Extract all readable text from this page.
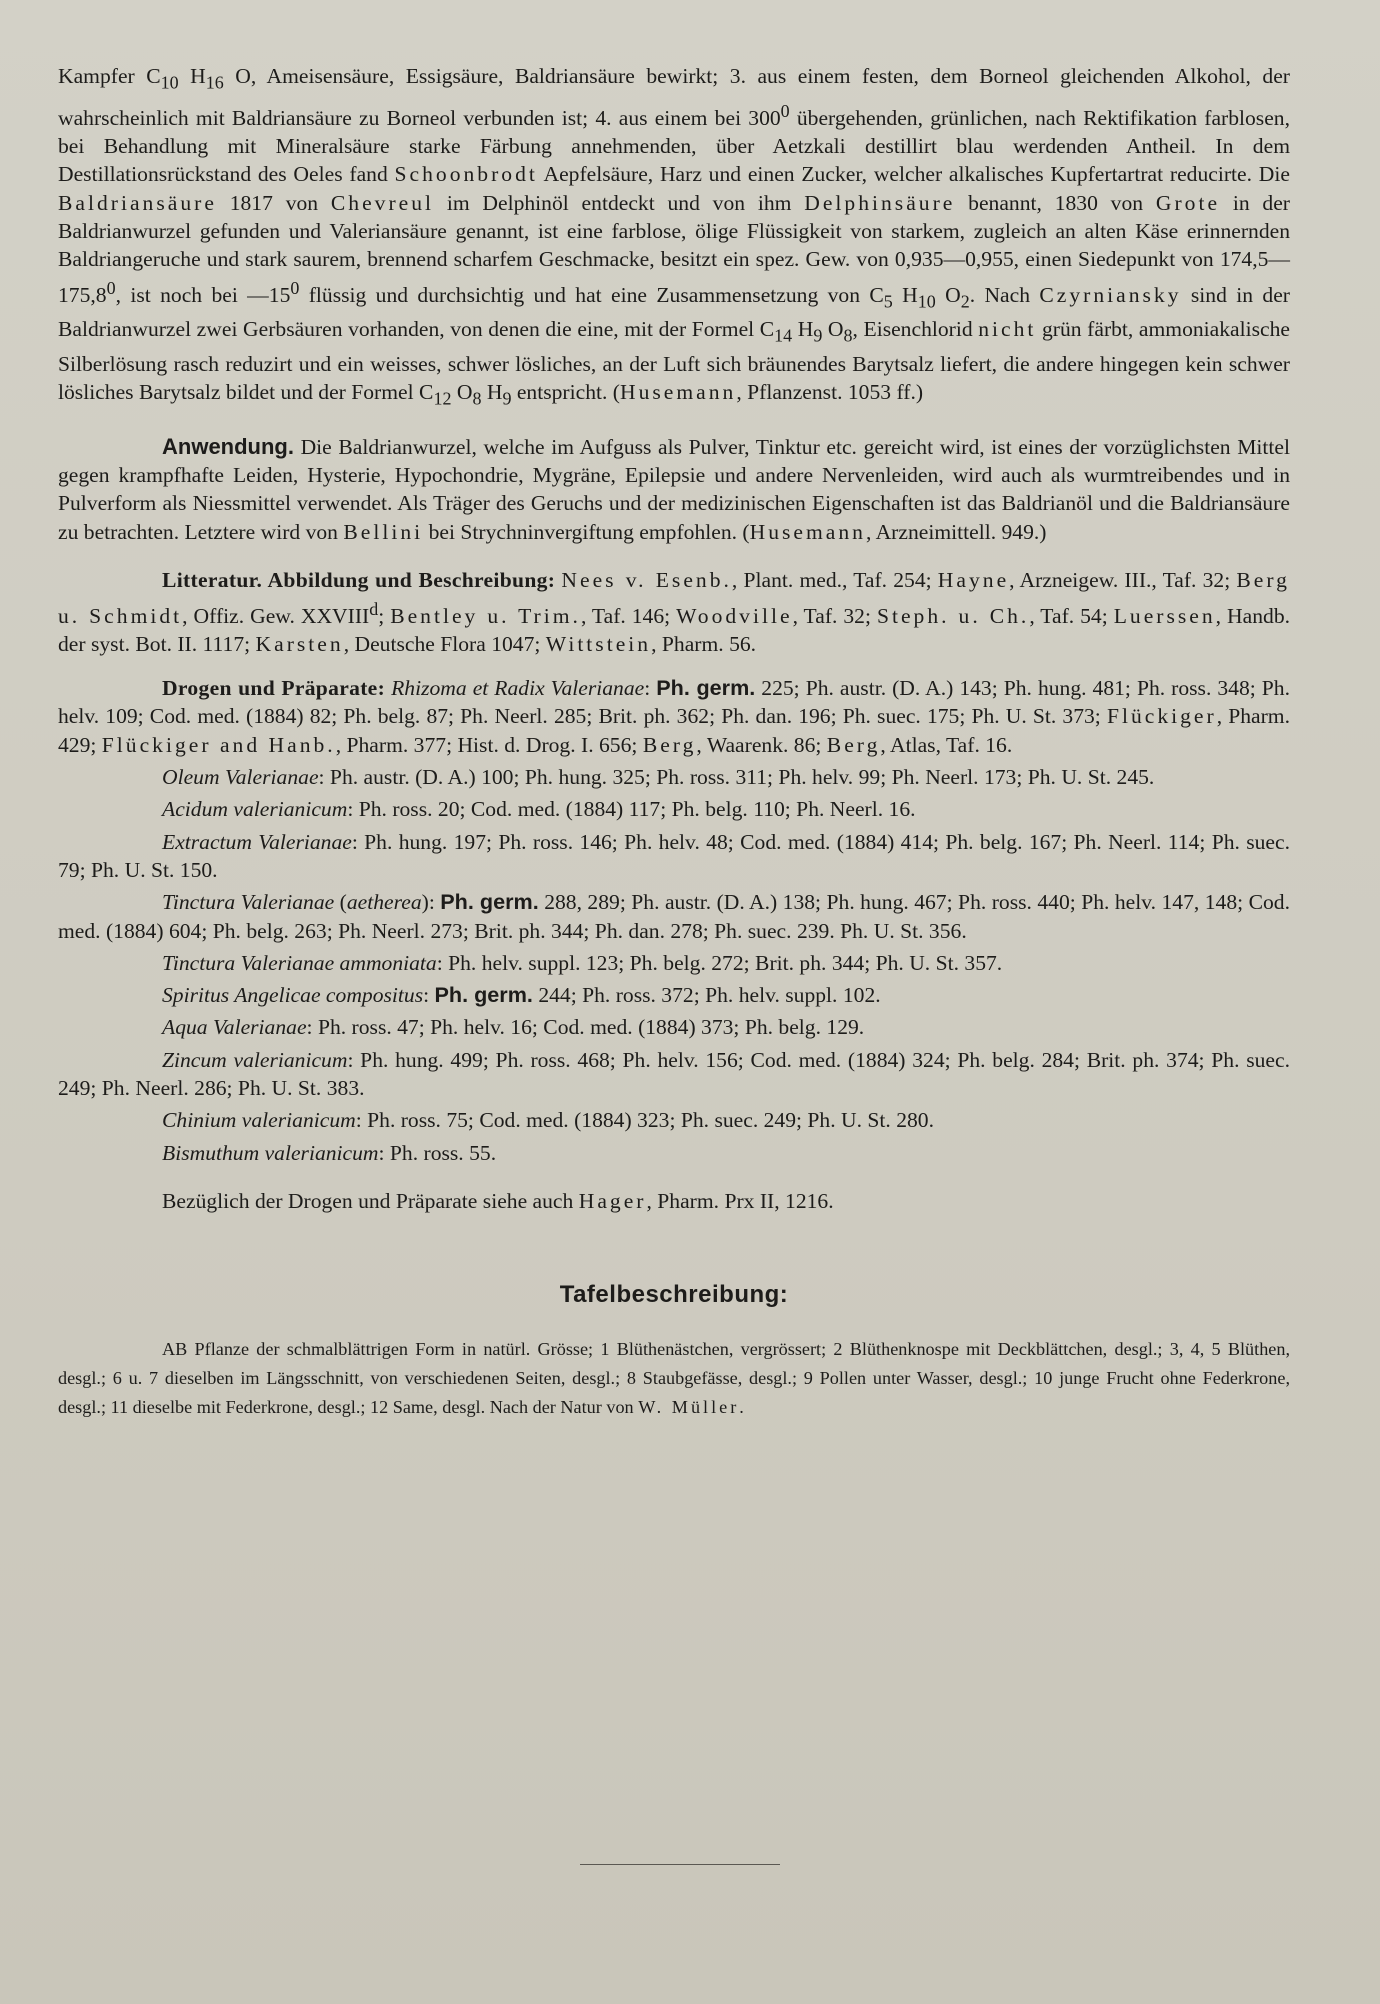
Kampfer $C_{10}$ $H_{16}$ O, Ameisensäure, Essigsäure, Baldriansäure bewirkt; 3. aus einem festen, dem Borneol gleichenden Alkohol, der wahrscheinlich mit Baldriansäure zu Borneol verbunden ist; 4. aus einem bei $300^0$ übergehenden, grünlichen, nach Rektifikation farblosen, bei Behandlung mit Mineralsäure starke Färbung annehmenden, über Aetzkali destillirt blau werdenden Antheil. In dem Destillationsrückstand des Oeles fand Schoonbrodt Aepfelsäure, Harz und einen Zucker, welcher alkalisches Kupfertartrat reducirte. Die Baldriansäure 1817 von Chevreul im Delphinöl entdeckt und von ihm Delphinsäure benannt, 1830 von Grote in der Baldrianwurzel gefunden und Valeriansäure genannt, ist eine farblose, ölige Flüssigkeit von starkem, zugleich an alten Käse erinnernden Baldriangeruche und stark saurem, brennend scharfem Geschmacke, besitzt ein spez. Gew. von 0,935—0,955, einen Siedepunkt von 174,5—175,8$^0$, ist noch bei $—15^0$ flüssig und durchsichtig und hat eine Zusammensetzung von $C_5$ $H_{10}$ $O_2$. Nach Czyrniansky sind in der Baldrianwurzel zwei Gerbsäuren vorhanden, von denen die eine, mit der Formel $C_{14}$ $H_9$ $O_8$, Eisenchlorid nicht grün färbt, ammoniakalische Silberlösung rasch reduzirt und ein weisses, schwer lösliches, an der Luft sich bräunendes Barytsalz liefert, die andere hingegen kein schwer lösliches Barytsalz bildet und der Formel $C_{12}$ $O_8$ $H_9$ entspricht. (Husemann, Pflanzenst. 1053 ff.)

Anwendung. Die Baldrianwurzel, welche im Aufguss als Pulver, Tinktur etc. gereicht wird, ist eines der vorzüglichsten Mittel gegen krampfhafte Leiden, Hysterie, Hypochondrie, Mygräne, Epilepsie und andere Nervenleiden, wird auch als wurmtreibendes und in Pulverform als Niessmittel verwendet. Als Träger des Geruchs und der medizinischen Eigenschaften ist das Baldrianöl und die Baldriansäure zu betrachten. Letztere wird von Bellini bei Strychninvergiftung empfohlen. (Husemann, Arzneimittell. 949.)

Litteratur. Abbildung und Beschreibung: Nees v. Esenb., Plant. med., Taf. 254; Hayne, Arzneigew. III., Taf. 32; Berg u. Schmidt, Offiz. Gew. XXVIII$^d$; Bentley u. Trim., Taf. 146; Woodville, Taf. 32; Steph. u. Ch., Taf. 54; Luerssen, Handb. der syst. Bot. II. 1117; Karsten, Deutsche Flora 1047; Wittstein, Pharm. 56.

Drogen und Präparate: Rhizoma et Radix Valerianae: Ph. germ. 225; Ph. austr. (D. A.) 143; Ph. hung. 481; Ph. ross. 348; Ph. helv. 109; Cod. med. (1884) 82; Ph. belg. 87; Ph. Neerl. 285; Brit. ph. 362; Ph. dan. 196; Ph. suec. 175; Ph. U. St. 373; Flückiger, Pharm. 429; Flückiger and Hanb., Pharm. 377; Hist. d. Drog. I. 656; Berg, Waarenk. 86; Berg, Atlas, Taf. 16.

Oleum Valerianae: Ph. austr. (D. A.) 100; Ph. hung. 325; Ph. ross. 311; Ph. helv. 99; Ph. Neerl. 173; Ph. U. St. 245.

Acidum valerianicum: Ph. ross. 20; Cod. med. (1884) 117; Ph. belg. 110; Ph. Neerl. 16.

Extractum Valerianae: Ph. hung. 197; Ph. ross. 146; Ph. helv. 48; Cod. med. (1884) 414; Ph. belg. 167; Ph. Neerl. 114; Ph. suec. 79; Ph. U. St. 150.

Tinctura Valerianae (aetherea): Ph. germ. 288, 289; Ph. austr. (D. A.) 138; Ph. hung. 467; Ph. ross. 440; Ph. helv. 147, 148; Cod. med. (1884) 604; Ph. belg. 263; Ph. Neerl. 273; Brit. ph. 344; Ph. dan. 278; Ph. suec. 239. Ph. U. St. 356.

Tinctura Valerianae ammoniata: Ph. helv. suppl. 123; Ph. belg. 272; Brit. ph. 344; Ph. U. St. 357.

Spiritus Angelicae compositus: Ph. germ. 244; Ph. ross. 372; Ph. helv. suppl. 102.

Aqua Valerianae: Ph. ross. 47; Ph. helv. 16; Cod. med. (1884) 373; Ph. belg. 129.

Zincum valerianicum: Ph. hung. 499; Ph. ross. 468; Ph. helv. 156; Cod. med. (1884) 324; Ph. belg. 284; Brit. ph. 374; Ph. suec. 249; Ph. Neerl. 286; Ph. U. St. 383.

Chinium valerianicum: Ph. ross. 75; Cod. med. (1884) 323; Ph. suec. 249; Ph. U. St. 280.

Bismuthum valerianicum: Ph. ross. 55.

Bezüglich der Drogen und Präparate siehe auch Hager, Pharm. Prx II, 1216.

Tafelbeschreibung:

AB Pflanze der schmalblättrigen Form in natürl. Grösse; 1 Blüthenästchen, vergrössert; 2 Blüthenknospe mit Deckblättchen, desgl.; 3, 4, 5 Blüthen, desgl.; 6 u. 7 dieselben im Längsschnitt, von verschiedenen Seiten, desgl.; 8 Staubgefässe, desgl.; 9 Pollen unter Wasser, desgl.; 10 junge Frucht ohne Federkrone, desgl.; 11 dieselbe mit Federkrone, desgl.; 12 Same, desgl. Nach der Natur von W. Müller.
